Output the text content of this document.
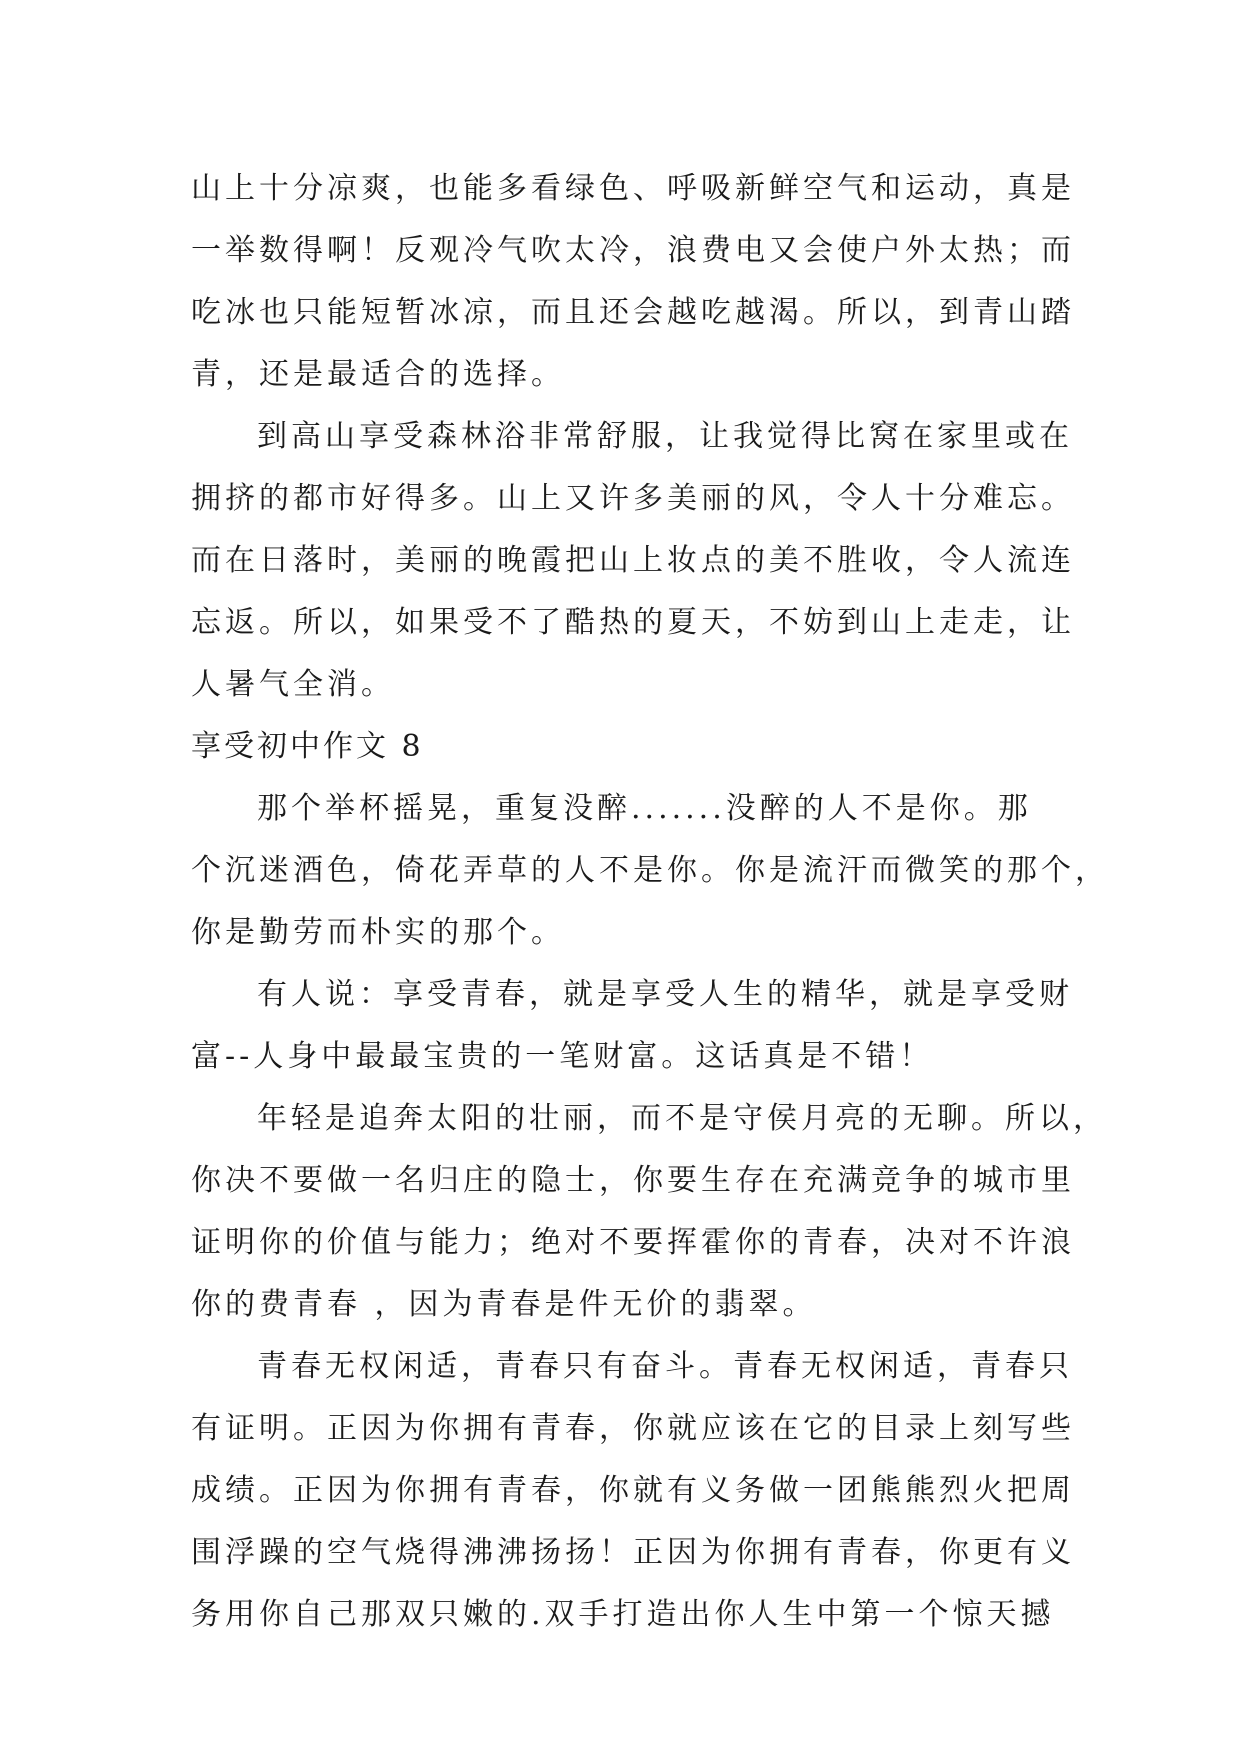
山上十分凉爽，也能多看绿色、呼吸新鲜空气和运动，真是
一举数得啊！反观冷气吹太冷，浪费电又会使户外太热；而
吃冰也只能短暂冰凉，而且还会越吃越渴。所以，到青山踏
青，还是最适合的选择。
到高山享受森林浴非常舒服，让我觉得比窝在家里或在
拥挤的都市好得多。山上又许多美丽的风，令人十分难忘。
而在日落时，美丽的晚霞把山上妆点的美不胜收，令人流连
忘返。所以，如果受不了酷热的夏天，不妨到山上走走，让
人暑气全消。
享受初中作文 8
那个举杯摇晃，重复没醉.......没醉的人不是你。那
个沉迷酒色，倚花弄草的人不是你。你是流汗而微笑的那个，
你是勤劳而朴实的那个。
有人说：享受青春，就是享受人生的精华，就是享受财
富--人身中最最宝贵的一笔财富。这话真是不错！
年轻是追奔太阳的壮丽，而不是守侯月亮的无聊。所以，
你决不要做一名归庄的隐士，你要生存在充满竞争的城市里
证明你的价值与能力；绝对不要挥霍你的青春，决对不许浪
你的费青春 ，因为青春是件无价的翡翠。
青春无权闲适，青春只有奋斗。青春无权闲适，青春只
有证明。正因为你拥有青春，你就应该在它的目录上刻写些
成绩。正因为你拥有青春，你就有义务做一团熊熊烈火把周
围浮躁的空气烧得沸沸扬扬！正因为你拥有青春，你更有义
务用你自己那双只嫩的.双手打造出你人生中第一个惊天撼
